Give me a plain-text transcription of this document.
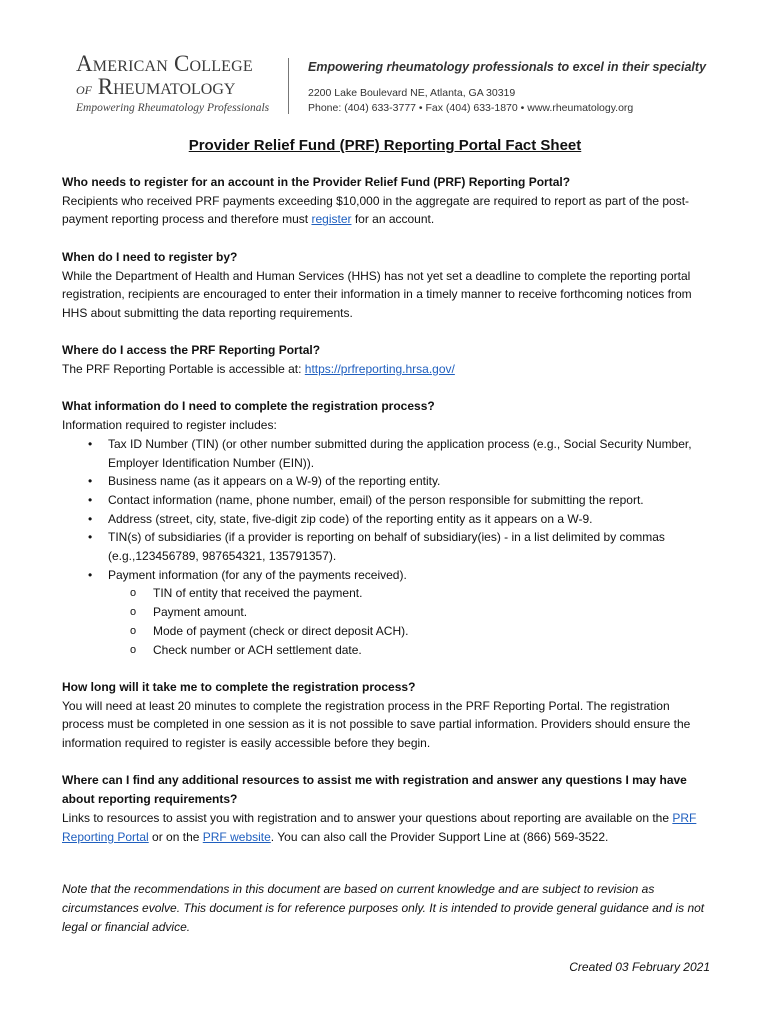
American College
of Rheumatology
Empowering Rheumatology Professionals
Empowering rheumatology professionals to excel in their specialty
2200 Lake Boulevard NE, Atlanta, GA 30319
Phone: (404) 633-3777 • Fax (404) 633-1870 • www.rheumatology.org
Provider Relief Fund (PRF) Reporting Portal Fact Sheet
Who needs to register for an account in the Provider Relief Fund (PRF) Reporting Portal?

Recipients who received PRF payments exceeding $10,000 in the aggregate are required to report as part of the post-payment reporting process and therefore must register for an account.

When do I need to register by?

While the Department of Health and Human Services (HHS) has not yet set a deadline to complete the reporting portal registration, recipients are encouraged to enter their information in a timely manner to receive forthcoming notices from HHS about submitting the data reporting requirements.

Where do I access the PRF Reporting Portal?

The PRF Reporting Portable is accessible at: https://prfreporting.hrsa.gov/

What information do I need to complete the registration process?

Information required to register includes:

• Tax ID Number (TIN) (or other number submitted during the application process (e.g., Social Security Number, Employer Identification Number (EIN)).
• Business name (as it appears on a W-9) of the reporting entity.
• Contact information (name, phone number, email) of the person responsible for submitting the report.
• Address (street, city, state, five-digit zip code) of the reporting entity as it appears on a W-9.
• TIN(s) of subsidiaries (if a provider is reporting on behalf of subsidiary(ies) - in a list delimited by commas (e.g.,123456789, 987654321, 135791357).
• Payment information (for any of the payments received).
o TIN of entity that received the payment.
o Payment amount.
o Mode of payment (check or direct deposit ACH).
o Check number or ACH settlement date.
How long will it take me to complete the registration process?

You will need at least 20 minutes to complete the registration process in the PRF Reporting Portal. The registration process must be completed in one session as it is not possible to save partial information. Providers should ensure the information required to register is easily accessible before they begin.

Where can I find any additional resources to assist me with registration and answer any questions I may have about reporting requirements?

Links to resources to assist you with registration and to answer your questions about reporting are available on the PRF Reporting Portal or on the PRF website. You can also call the Provider Support Line at (866) 569-3522.

Note that the recommendations in this document are based on current knowledge and are subject to revision as circumstances evolve. This document is for reference purposes only. It is intended to provide general guidance and is not legal or financial advice.

Created 03 February 2021
